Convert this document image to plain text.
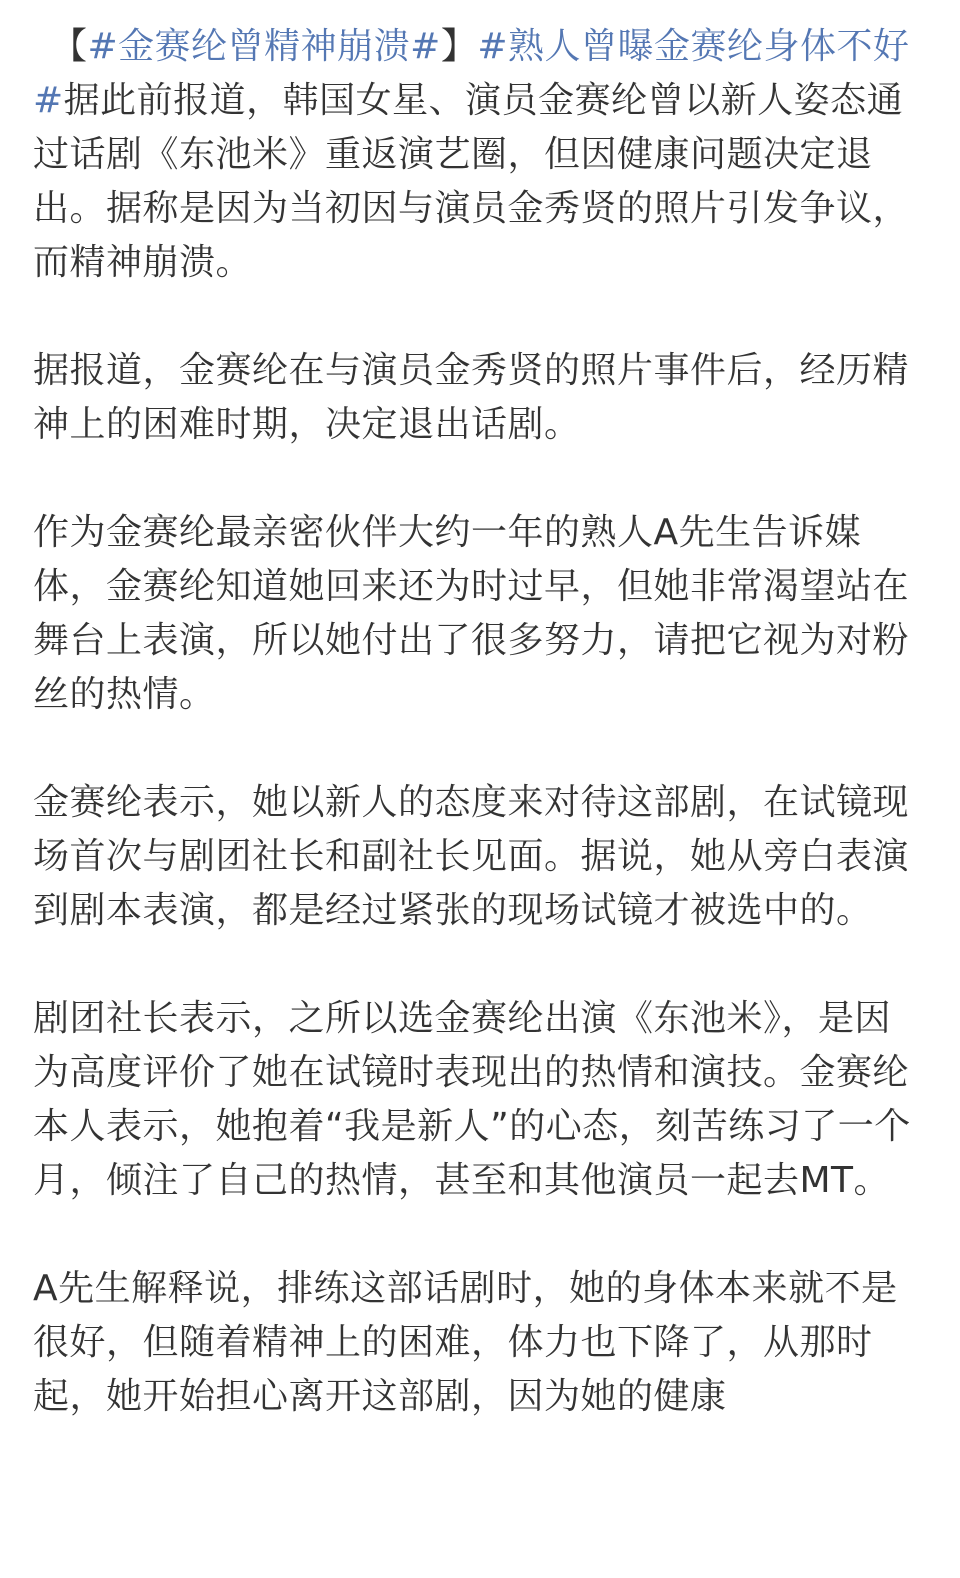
【#金赛纶曾精神崩溃#】#熟人曾曝金赛纶身体不好#据此前报道，韩国女星、演员金赛纶曾以新人姿态通过话剧《东池米》重返演艺圈，但因健康问题决定退出。据称是因为当初因与演员金秀贤的照片引发争议，而精神崩溃。

据报道，金赛纶在与演员金秀贤的照片事件后，经历精神上的困难时期，决定退出话剧。

作为金赛纶最亲密伙伴大约一年的熟人A先生告诉媒体，金赛纶知道她回来还为时过早，但她非常渴望站在舞台上表演，所以她付出了很多努力，请把它视为对粉丝的热情。

金赛纶表示，她以新人的态度来对待这部剧，在试镜现场首次与剧团社长和副社长见面。据说，她从旁白表演到剧本表演，都是经过紧张的现场试镜才被选中的。

剧团社长表示，之所以选金赛纶出演《东池米》，是因为高度评价了她在试镜时表现出的热情和演技。金赛纶本人表示，她抱着“我是新人”的心态，刻苦练习了一个月，倾注了自己的热情，甚至和其他演员一起去MT。

A先生解释说，排练这部话剧时，她的身体本来就不是很好，但随着精神上的困难，体力也下降了，从那时起，她开始担心离开这部剧，因为她的健康
